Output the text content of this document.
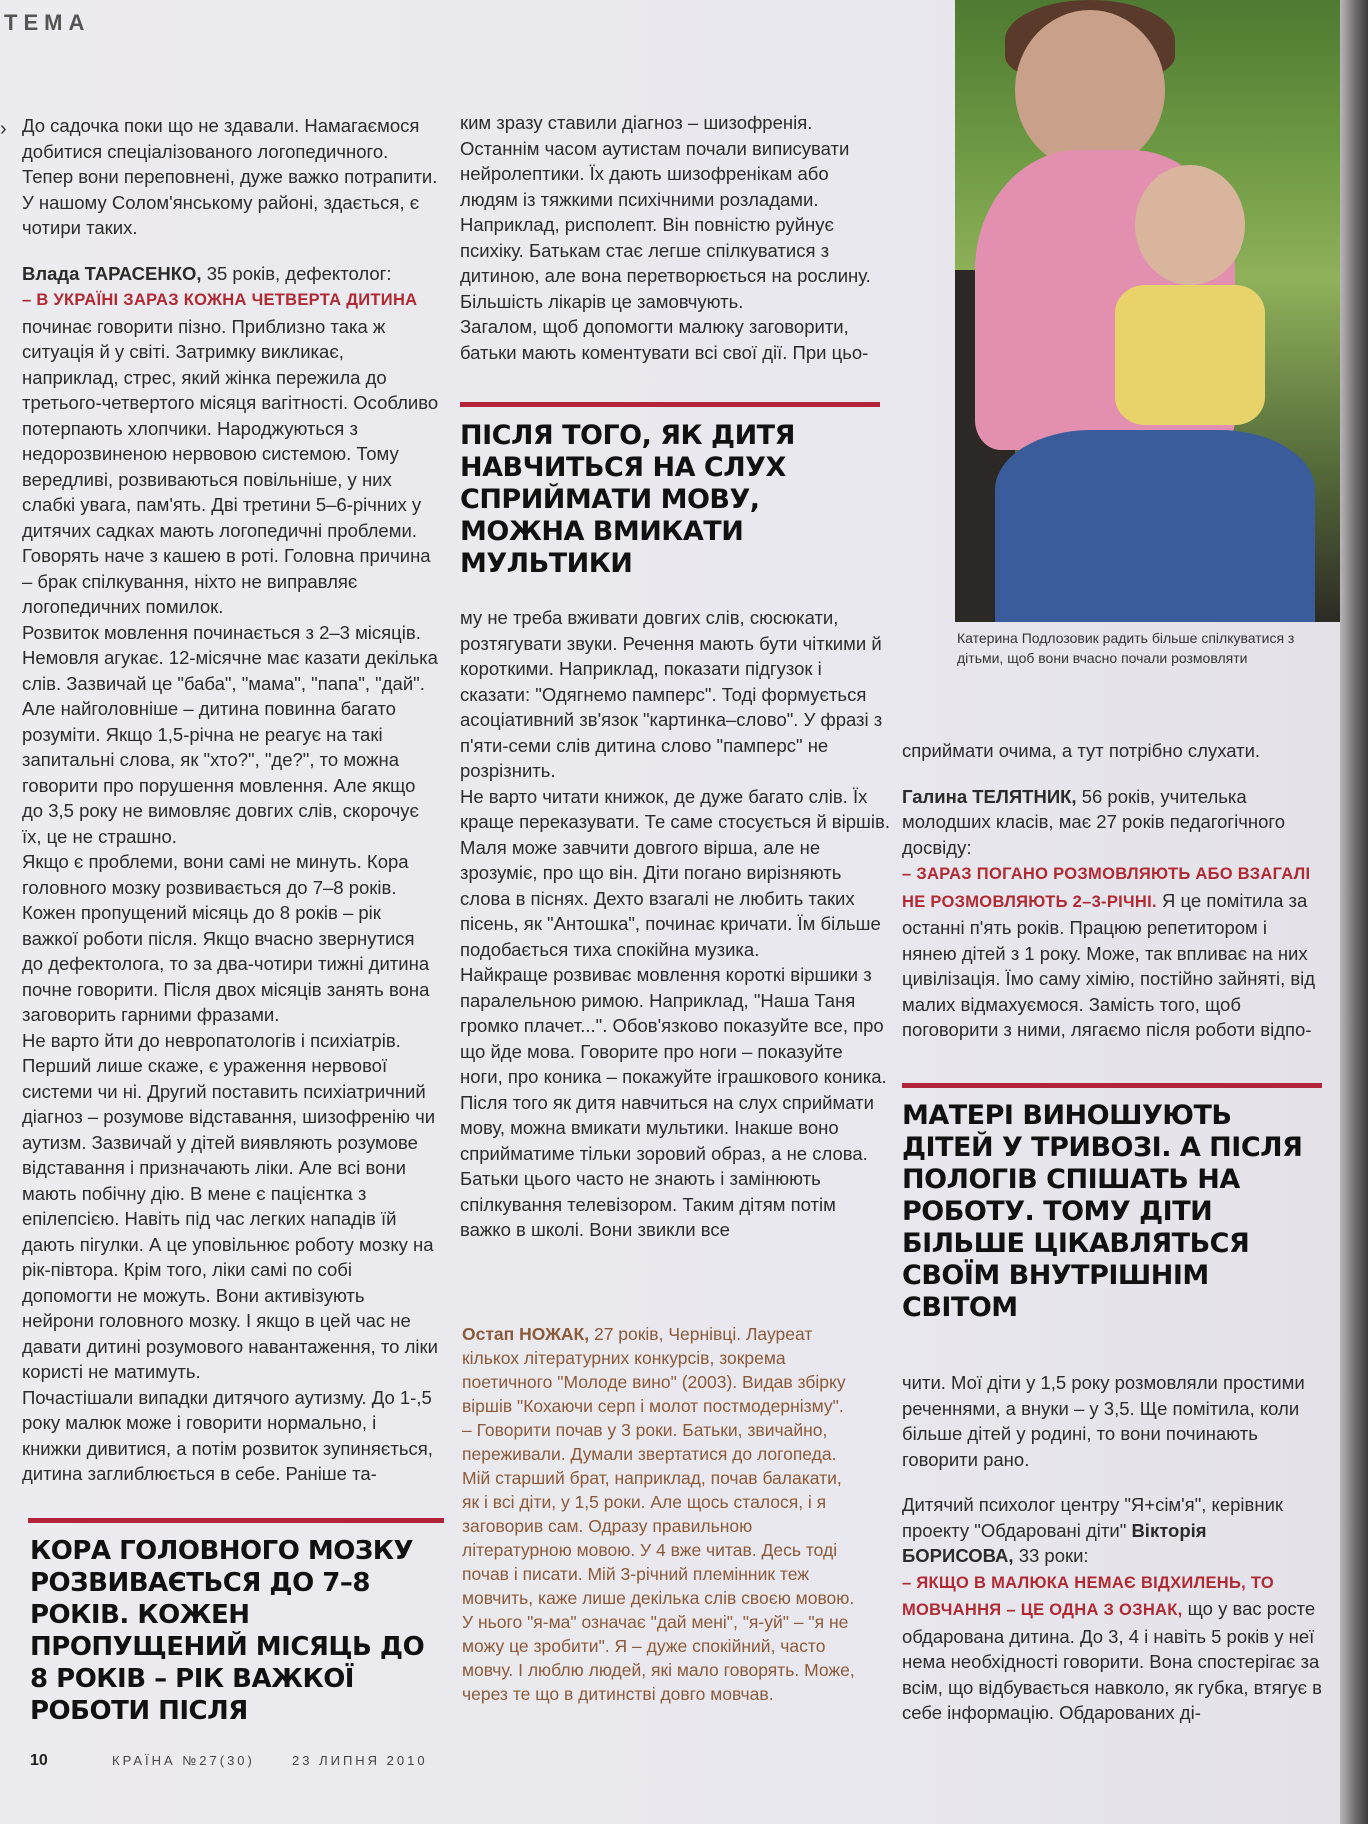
ТЕМА
› До садочка поки що не здавали. Намагаємося добитися спеціалізованого логопедичного. Тепер вони переповнені, дуже важко потрапити. У нашому Солом'янському районі, здається, є чотири таких.

Влада ТАРАСЕНКО, 35 років, дефектолог:

– В УКРАЇНІ ЗАРАЗ КОЖНА ЧЕТВЕРТА ДИТИНА починає говорити пізно. Приблизно така ж ситуація й у світі. Затримку викликає, наприклад, стрес, який жінка пережила до третього-четвертого місяця вагітності. Особливо потерпають хлопчики. Народжуються з недорозвиненою нервовою системою. Тому вередливі, розвиваються повільніше, у них слабкі увага, пам'ять. Дві третини 5–6-річних у дитячих садках мають логопедичні проблеми. Говорять наче з кашею в роті. Головна причина – брак спілкування, ніхто не виправляє логопедичних помилок.

Розвиток мовлення починається з 2–3 місяців. Немовля агукає. 12-місячне має казати декілька слів. Зазвичай це "баба", "мама", "папа", "дай". Але найголовніше – дитина повинна багато розуміти. Якщо 1,5-річна не реагує на такі запитальні слова, як "хто?", "де?", то можна говорити про порушення мовлення. Але якщо до 3,5 року не вимовляє довгих слів, скорочує їх, це не страшно.

Якщо є проблеми, вони самі не минуть. Кора головного мозку розвивається до 7–8 років. Кожен пропущений місяць до 8 років – рік важкої роботи після. Якщо вчасно звернутися до дефектолога, то за два-чотири тижні дитина почне говорити. Після двох місяців занять вона заговорить гарними фразами.

Не варто йти до невропатологів і психіатрів. Перший лише скаже, є ураження нервової системи чи ні. Другий поставить психіатричний діагноз – розумове відставання, шизофренію чи аутизм. Зазвичай у дітей виявляють розумове відставання і призначають ліки. Але всі вони мають побічну дію. В мене є пацієнтка з епілепсією. Навіть під час легких нападів їй дають пігулки. А це уповільнює роботу мозку на рік-півтора. Крім того, ліки самі по собі допомогти не можуть. Вони активізують нейрони головного мозку. І якщо в цей час не давати дитині розумового навантаження, то ліки користі не матимуть.

Почастішали випадки дитячого аутизму. До 1-,5 року малюк може і говорити нормально, і книжки дивитися, а потім розвиток зупиняється, дитина заглиблюється в себе. Раніше та-

КОРА ГОЛОВНОГО МОЗКУ РОЗВИВАЄТЬСЯ ДО 7–8 РОКІВ. КОЖЕН ПРОПУЩЕНИЙ МІСЯЦЬ ДО 8 РОКІВ – РІК ВАЖКОЇ РОБОТИ ПІСЛЯ

ким зразу ставили діагноз – шизофренія. Останнім часом аутистам почали виписувати нейролептики. Їх дають шизофренікам або людям із тяжкими психічними розладами. Наприклад, рисполепт. Він повністю руйнує психіку. Батькам стає легше спілкуватися з дитиною, але вона перетворюється на рослину. Більшість лікарів це замовчують.

Загалом, щоб допомогти малюку заговорити, батьки мають коментувати всі свої дії. При цьо-

ПІСЛЯ ТОГО, ЯК ДИТЯ НАВЧИТЬСЯ НА СЛУХ СПРИЙМАТИ МОВУ, МОЖНА ВМИКАТИ МУЛЬТИКИ

му не треба вживати довгих слів, сюсюкати, розтягувати звуки. Речення мають бути чіткими й короткими. Наприклад, показати підгузок і сказати: "Одягнемо памперс". Тоді формується асоціативний зв'язок "картинка–слово". У фразі з п'яти-семи слів дитина слово "памперс" не розрізнить.

Не варто читати книжок, де дуже багато слів. Їх краще переказувати. Те саме стосується й віршів. Маля може завчити довгого вірша, але не зрозуміє, про що він. Діти погано вирізняють слова в піснях. Дехто взагалі не любить таких пісень, як "Антошка", починає кричати. Їм більше подобається тиха спокійна музика.

Найкраще розвиває мовлення короткі віршики з паралельною римою. Наприклад, "Наша Таня громко плачет...". Обов'язково показуйте все, про що йде мова. Говорите про ноги – показуйте ноги, про коника – покажуйте іграшкового коника. Після того як дитя навчиться на слух сприймати мову, можна вмикати мультики. Інакше воно сприйматиме тільки зоровий образ, а не слова. Батьки цього часто не знають і замінюють спілкування телевізором. Таким дітям потім важко в школі. Вони звикли все

Остап НОЖАК, 27 років, Чернівці. Лауреат кількох літературних конкурсів, зокрема поетичного "Молоде вино" (2003). Видав збірку віршів "Кохаючи серп і молот постмодернізму".

– Говорити почав у 3 роки. Батьки, звичайно, переживали. Думали звертатися до логопеда. Мій старший брат, наприклад, почав балакати, як і всі діти, у 1,5 роки. Але щось сталося, і я заговорив сам. Одразу правильною літературною мовою. У 4 вже читав. Десь тоді почав і писати. Мій 3-річний племінник теж мовчить, каже лише декілька слів своєю мовою. У нього "я-ма" означає "дай мені", "я-уй" – "я не можу це зробити". Я – дуже спокійний, часто мовчу. І люблю людей, які мало говорять. Може, через те що в дитинстві довго мовчав.

Катерина Подлозовик радить більше спілкуватися з дітьми, щоб вони вчасно почали розмовляти

сприймати очима, а тут потрібно слухати.

Галина ТЕЛЯТНИК, 56 років, учителька молодших класів, має 27 років педагогічного досвіду:

– ЗАРАЗ ПОГАНО РОЗМОВЛЯЮТЬ АБО ВЗАГАЛІ НЕ РОЗМОВЛЯЮТЬ 2–3-РІЧНІ. Я це помітила за останні п'ять років. Працюю репетитором і нянею дітей з 1 року. Може, так впливає на них цивілізація. Їмо саму хімію, постійно зайняті, від малих відмахуємося. Замість того, щоб поговорити з ними, лягаємо після роботи відпо-

МАТЕРІ ВИНОШУЮТЬ ДІТЕЙ У ТРИВОЗІ. А ПІСЛЯ ПОЛОГІВ СПІШАТЬ НА РОБОТУ. ТОМУ ДІТИ БІЛЬШЕ ЦІКАВЛЯТЬСЯ СВОЇМ ВНУТРІШНІМ СВІТОМ

чити. Мої діти у 1,5 року розмовляли простими реченнями, а внуки – у 3,5. Ще помітила, коли більше дітей у родині, то вони починають говорити рано.

Дитячий психолог центру "Я+сім'я", керівник проекту "Обдаровані діти" Вікторія БОРИСОВА, 33 роки:

– ЯКЩО В МАЛЮКА НЕМАЄ ВІДХИЛЕНЬ, ТО МОВЧАННЯ – ЦЕ ОДНА З ОЗНАК, що у вас росте обдарована дитина. До 3, 4 і навіть 5 років у неї нема необхідності говорити. Вона спостерігає за всім, що відбувається навколо, як губка, втягує в себе інформацію. Обдарованих ді-

10	КРАЇНА №27(30)	23 ЛИПНЯ 2010
